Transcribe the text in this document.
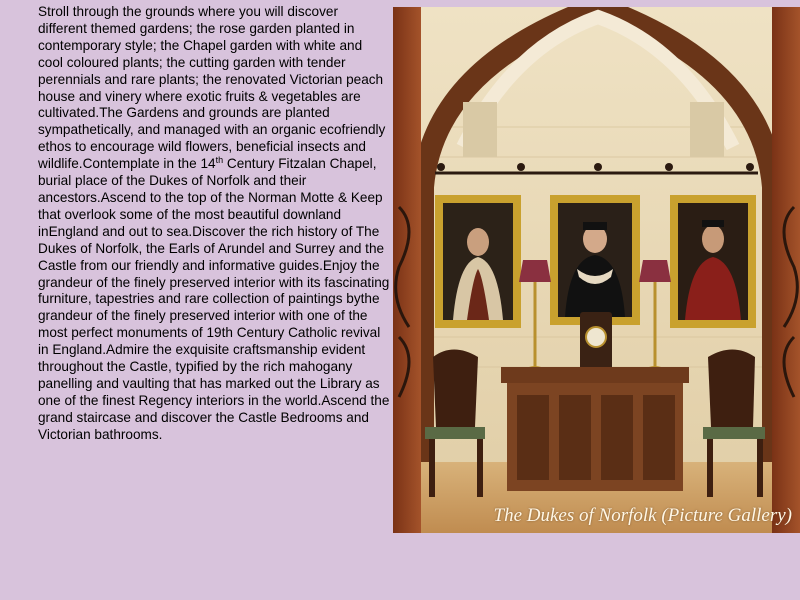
Stroll through the grounds where you will discover different themed gardens; the rose garden planted in contemporary style; the Chapel garden with white and cool coloured plants; the cutting garden with tender perennials and rare plants; the renovated Victorian peach house and vinery where exotic fruits & vegetables are cultivated.The Gardens and grounds are planted sympathetically, and managed with an organic ecofriendly ethos to encourage wild flowers, beneficial insects and wildlife.Contemplate in the 14th Century Fitzalan Chapel, burial place of the Dukes of Norfolk and their ancestors.Ascend to the top of the Norman Motte & Keep that overlook some of the most beautiful downland inEngland and out to sea.Discover the rich history of The Dukes of Norfolk, the Earls of Arundel and Surrey and the Castle from our friendly and informative guides.Enjoy the grandeur of the finely preserved interior with its fascinating furniture, tapestries and rare collection of paintings bythe grandeur of the finely preserved interior with one of the most perfect monuments of 19th Century Catholic revival in England.Admire the exquisite craftsmanship evident throughout the Castle, typified by the rich mahogany panelling and vaulting that has marked out the Library as one of the finest Regency interiors in the world.Ascend the grand staircase and discover the Castle Bedrooms and Victorian bathrooms.
The Dukes of Norfolk (Picture Gallery)
